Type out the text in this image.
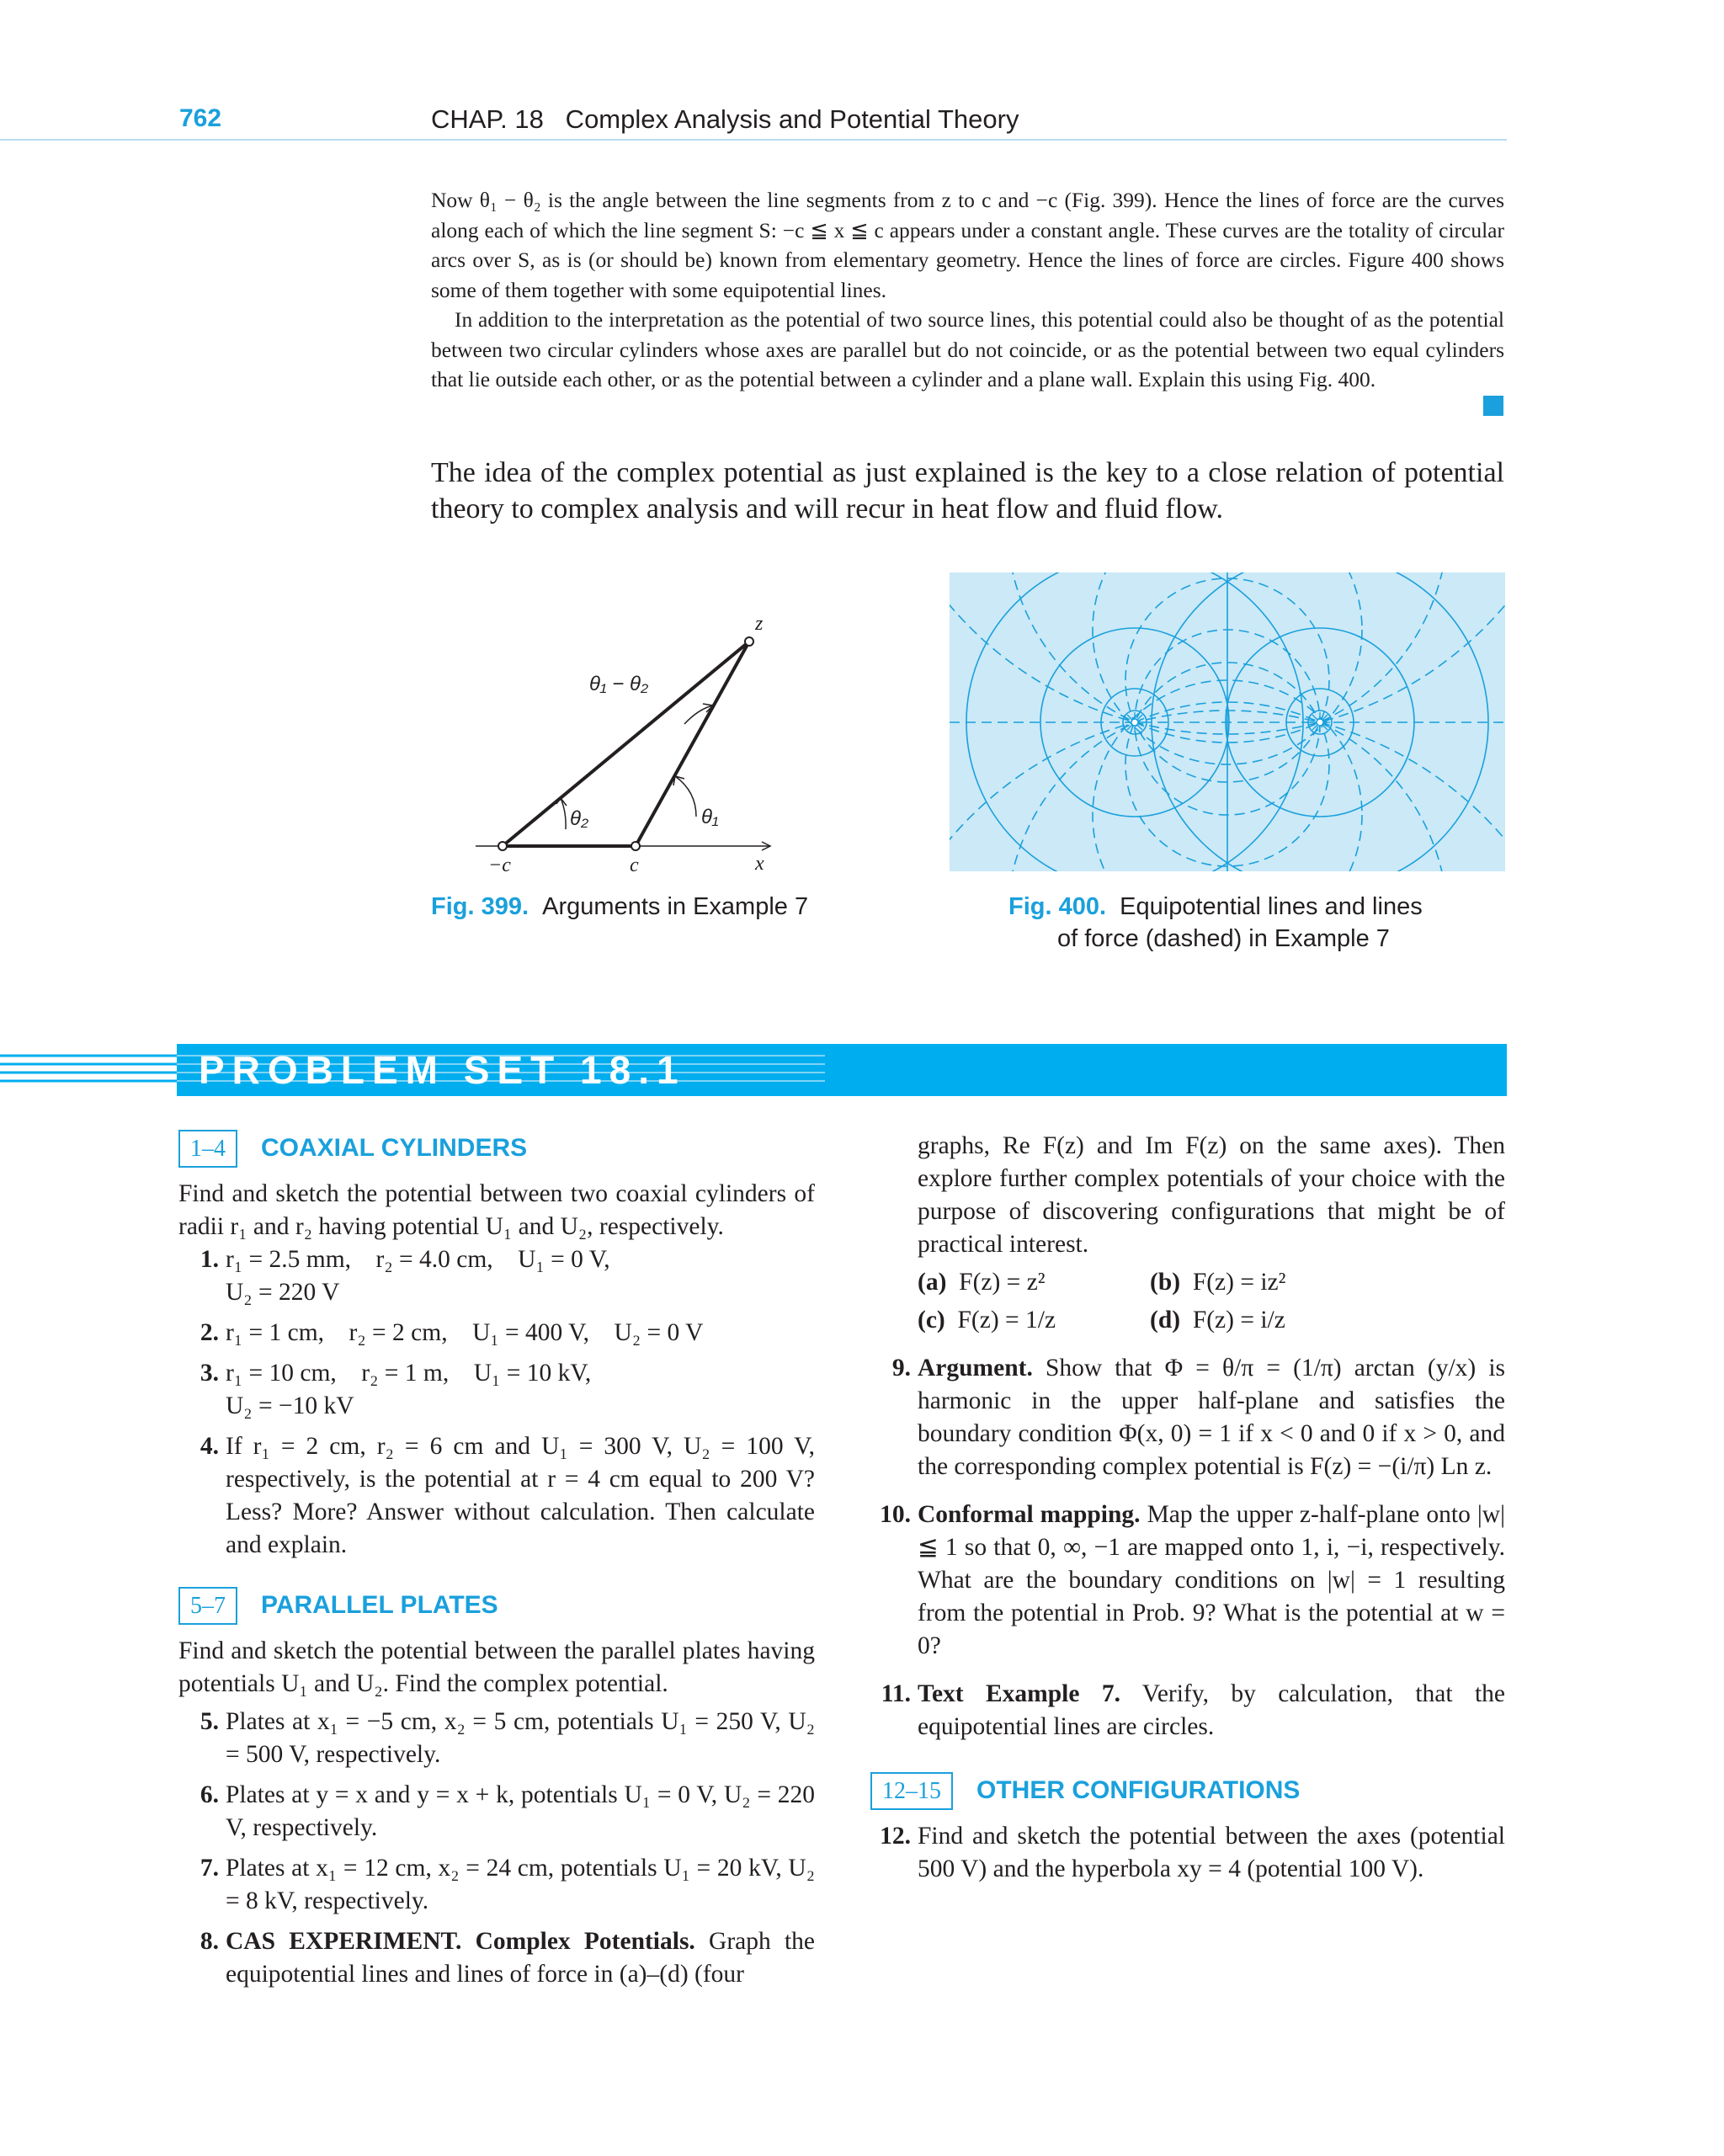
762	CHAP. 18   Complex Analysis and Potential Theory

Now θ₁ − θ₂ is the angle between the line segments from z to c and −c (Fig. 399). Hence the lines of force are the curves along each of which the line segment S: −c ≦ x ≦ c appears under a constant angle. These curves are the totality of circular arcs over S, as is (or should be) known from elementary geometry. Hence the lines of force are circles. Figure 400 shows some of them together with some equipotential lines.

In addition to the interpretation as the potential of two source lines, this potential could also be thought of as the potential between two circular cylinders whose axes are parallel but do not coincide, or as the potential between two equal cylinders that lie outside each other, or as the potential between a cylinder and a plane wall. Explain this using Fig. 400.

The idea of the complex potential as just explained is the key to a close relation of potential theory to complex analysis and will recur in heat flow and fluid flow.
z
−c	c	x
θ₁ − θ₂
θ₂	θ₁
Fig. 399. Arguments in Example 7	Fig. 400. Equipotential lines and lines
of force (dashed) in Example 7
PROBLEM SET 18.1
1–4 COAXIAL CYLINDERS

Find and sketch the potential between two coaxial cylinders of radii r₁ and r₂ having potential U₁ and U₂, respectively.

1. r₁ = 2.5 mm,    r₂ = 4.0 cm,    U₁ = 0 V,
U₂ = 220 V
2. r₁ = 1 cm,    r₂ = 2 cm,    U₁ = 400 V,    U₂ = 0 V
3. r₁ = 10 cm,    r₂ = 1 m,    U₁ = 10 kV,
U₂ = −10 kV
4. If r₁ = 2 cm, r₂ = 6 cm and U₁ = 300 V, U₂ = 100 V, respectively, is the potential at r = 4 cm equal to 200 V? Less? More? Answer without calculation. Then calculate and explain.
5–7 PARALLEL PLATES

Find and sketch the potential between the parallel plates having potentials U₁ and U₂. Find the complex potential.

5. Plates at x₁ = −5 cm, x₂ = 5 cm, potentials U₁ = 250 V, U₂ = 500 V, respectively.
6. Plates at y = x and y = x + k, potentials U₁ = 0 V, U₂ = 220 V, respectively.
7. Plates at x₁ = 12 cm, x₂ = 24 cm, potentials U₁ = 20 kV, U₂ = 8 kV, respectively.
8. CAS EXPERIMENT. Complex Potentials. Graph the equipotential lines and lines of force in (a)–(d) (four
graphs, Re F(z) and Im F(z) on the same axes). Then explore further complex potentials of your choice with the purpose of discovering configurations that might be of practical interest.
(a) F(z) = z²	(b) F(z) = iz²
(c) F(z) = 1/z	(d) F(z) = i/z
9. Argument. Show that Φ = θ/π = (1/π) arctan (y/x) is harmonic in the upper half-plane and satisfies the boundary condition Φ(x, 0) = 1 if x < 0 and 0 if x > 0, and the corresponding complex potential is F(z) = −(i/π) Ln z.
10. Conformal mapping. Map the upper z-half-plane onto |w| ≦ 1 so that 0, ∞, −1 are mapped onto 1, i, −i, respectively. What are the boundary conditions on |w| = 1 resulting from the potential in Prob. 9? What is the potential at w = 0?
11. Text Example 7. Verify, by calculation, that the equipotential lines are circles.
12–15 OTHER CONFIGURATIONS
12. Find and sketch the potential between the axes (potential 500 V) and the hyperbola xy = 4 (potential 100 V).
